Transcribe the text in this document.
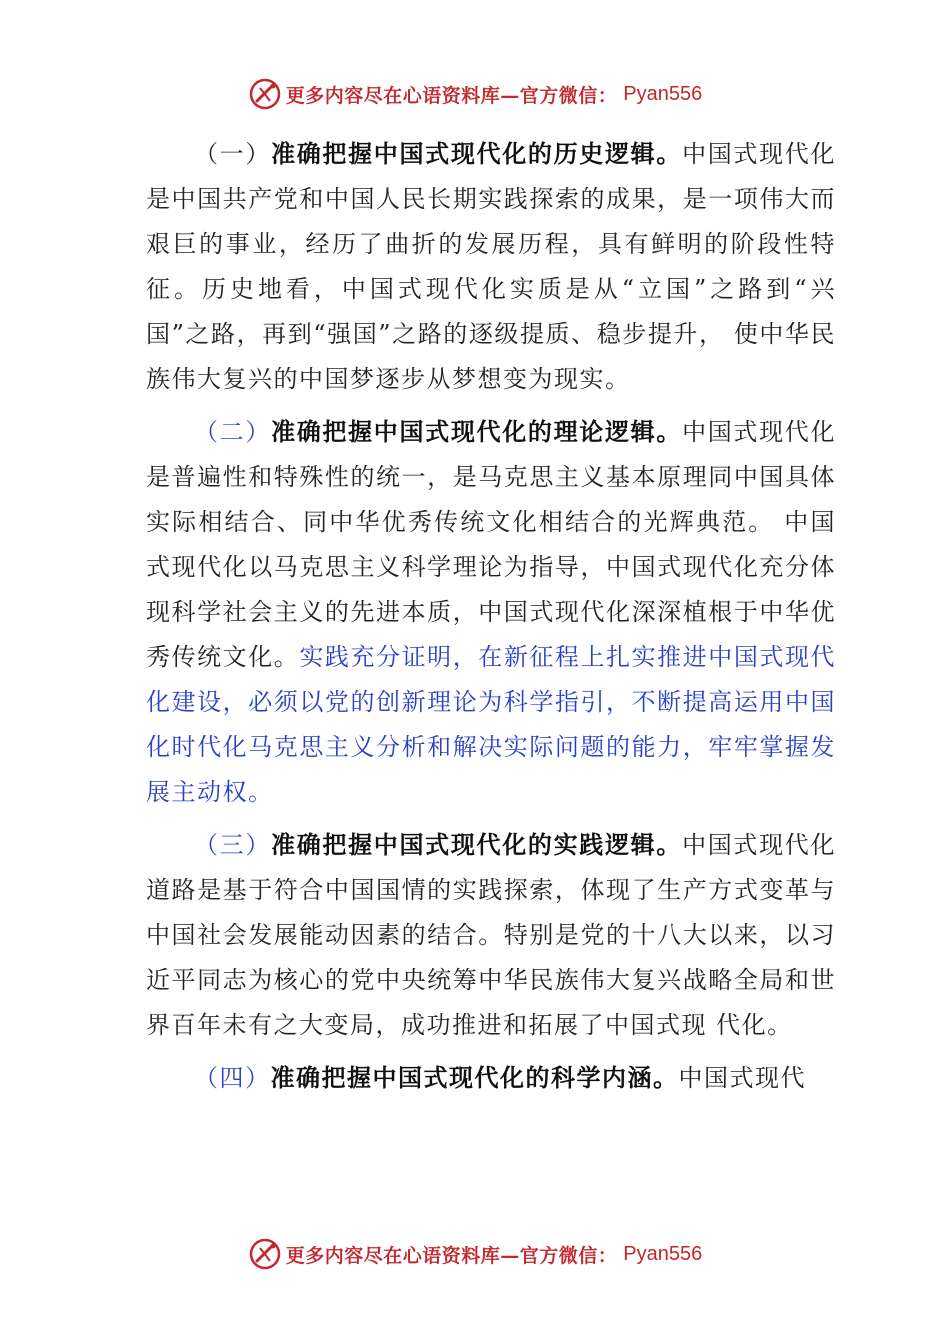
更多内容尽在心语资料库—官方微信： Pyan556

（一）准确把握中国式现代化的历史逻辑。中国式现代化是中国共产党和中国人民长期实践探索的成果，是一项伟大而艰巨的事业，经历了曲折的发展历程，具有鲜明的阶段性特征。历史地看，中国式现代化实质是从“立国”之路到“兴国”之路，再到“强国”之路的逐级提质、稳步提升， 使中华民族伟大复兴的中国梦逐步从梦想变为现实。

（二）准确把握中国式现代化的理论逻辑。中国式现代化是普遍性和特殊性的统一，是马克思主义基本原理同中国具体实际相结合、同中华优秀传统文化相结合的光辉典范。 中国式现代化以马克思主义科学理论为指导，中国式现代化充分体现科学社会主义的先进本质，中国式现代化深深植根于中华优秀传统文化。实践充分证明，在新征程上扎实推进中国式现代化建设，必须以党的创新理论为科学指引，不断提高运用中国化时代化马克思主义分析和解决实际问题的能力，牢牢掌握发展主动权。

（三）准确把握中国式现代化的实践逻辑。中国式现代化道路是基于符合中国国情的实践探索，体现了生产方式变革与中国社会发展能动因素的结合。特别是党的十八大以来，以习近平同志为核心的党中央统筹中华民族伟大复兴战略全局和世界百年未有之大变局，成功推进和拓展了中国式现 代化。

（四）准确把握中国式现代化的科学内涵。中国式现代

更多内容尽在心语资料库—官方微信： Pyan556
